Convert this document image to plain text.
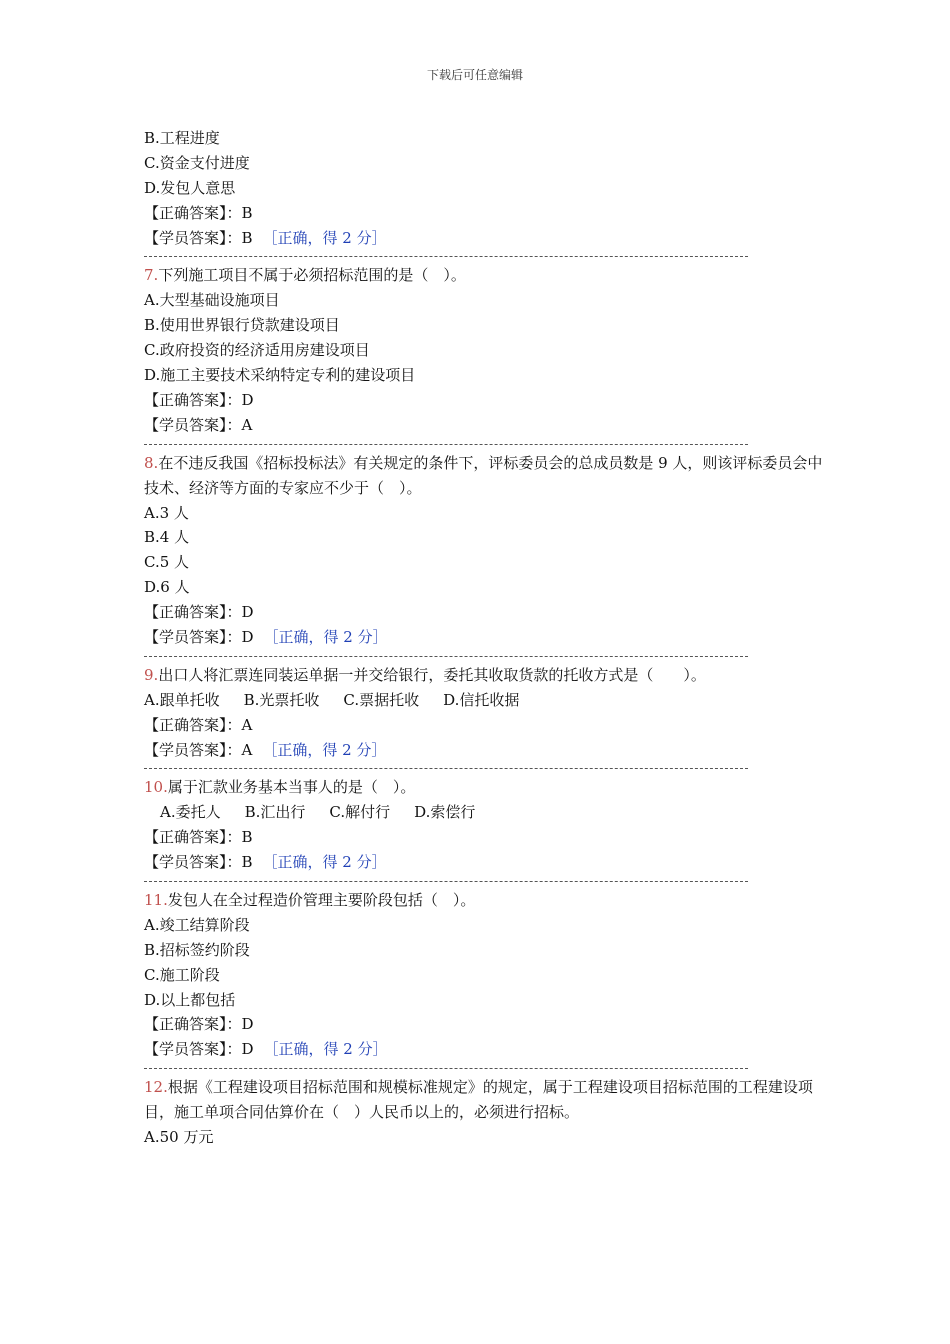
下载后可任意编辑
B.工程进度
C.资金支付进度
D.发包人意思
【正确答案】：B
【学员答案】：B ［正确，得 2 分］
7.下列施工项目不属于必须招标范围的是（　）。
A.大型基础设施项目
B.使用世界银行贷款建设项目
C.政府投资的经济适用房建设项目
D.施工主要技术采纳特定专利的建设项目
【正确答案】：D
【学员答案】：A
8.在不违反我国《招标投标法》有关规定的条件下，评标委员会的总成员数是 9 人，则该评标委员会中技术、经济等方面的专家应不少于（　）。
A.3 人
B.4 人
C.5 人
D.6 人
【正确答案】：D
【学员答案】：D ［正确，得 2 分］
9.出口人将汇票连同装运单据一并交给银行，委托其收取货款的托收方式是（　　）。
A.跟单托收 B.光票托收 C.票据托收 D.信托收据
【正确答案】：A
【学员答案】：A ［正确，得 2 分］
10.属于汇款业务基本当事人的是（　）。
A.委托人 B.汇出行 C.解付行 D.索偿行
【正确答案】：B
【学员答案】：B ［正确，得 2 分］
11.发包人在全过程造价管理主要阶段包括（　）。
A.竣工结算阶段
B.招标签约阶段
C.施工阶段
D.以上都包括
【正确答案】：D
【学员答案】：D ［正确，得 2 分］
12.根据《工程建设项目招标范围和规模标准规定》的规定，属于工程建设项目招标范围的工程建设项目，施工单项合同估算价在（　）人民币以上的，必须进行招标。
A.50 万元
